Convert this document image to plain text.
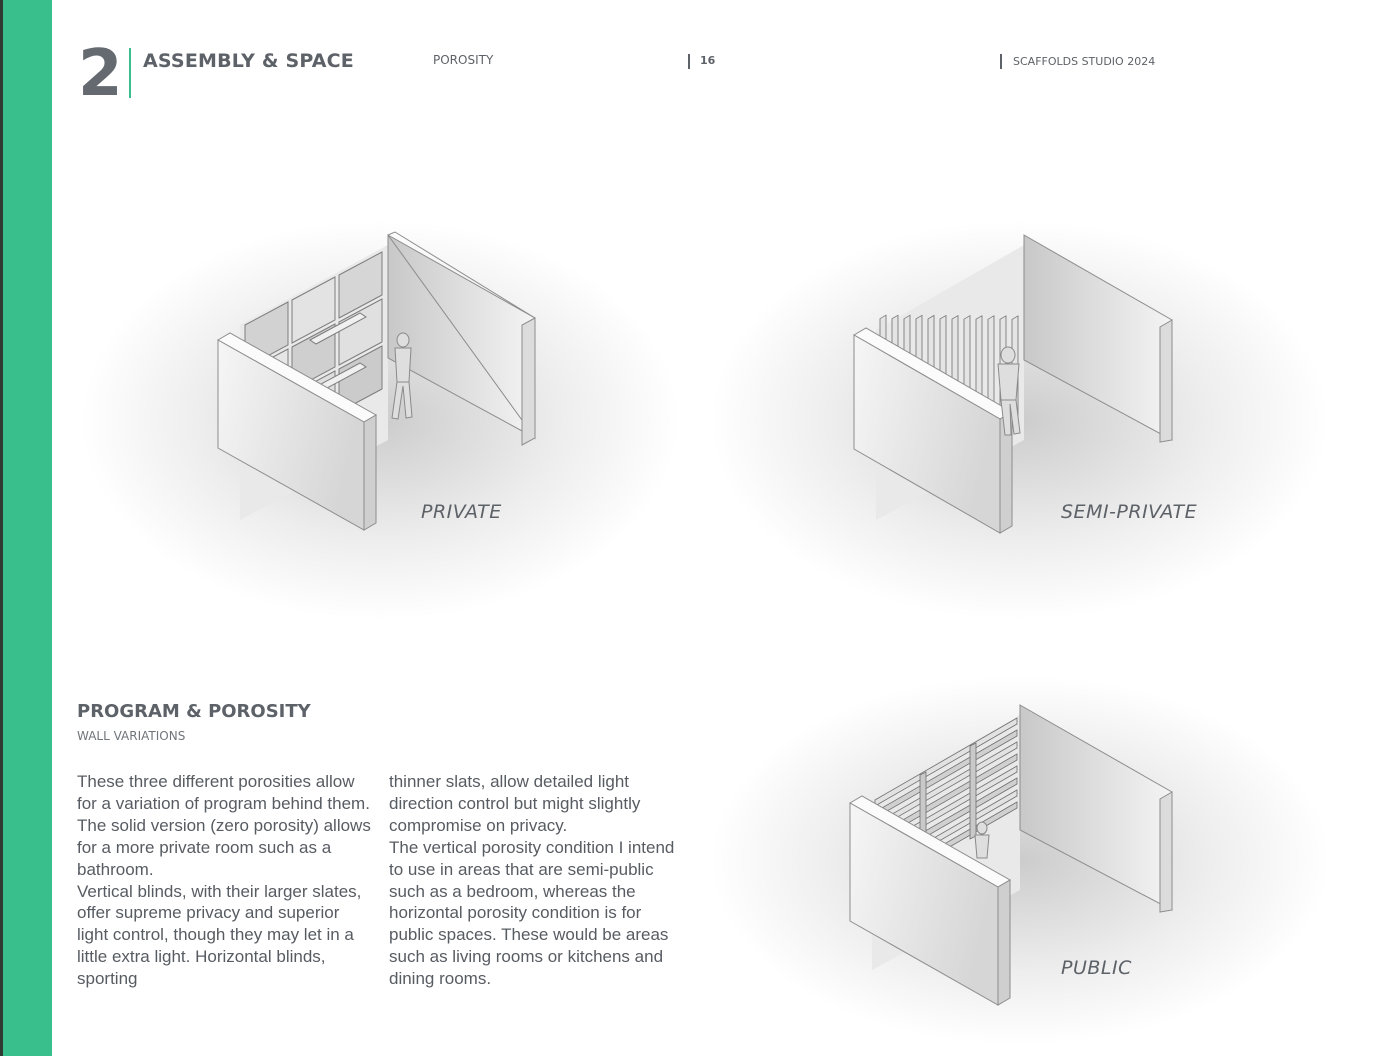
2 ASSEMBLY & SPACE	POROSITY	16	SCAFFOLDS STUDIO 2024
PRIVATE	SEMI-PRIVATE
PUBLIC
PROGRAM & POROSITY
WALL VARIATIONS

These three different porosities allow for a variation of program behind them.

The solid version (zero porosity) allows for a more private room such as a bathroom.

Vertical blinds, with their larger slates, offer supreme privacy and superior light control, though they may let in a little extra light. Horizontal blinds, sporting

thinner slats, allow detailed light direction control but might slightly compromise on privacy.

The vertical porosity condition I intend to use in areas that are semi-public such as a bedroom, whereas the horizontal porosity condition is for public spaces. These would be areas such as living rooms or kitchens and dining rooms.
